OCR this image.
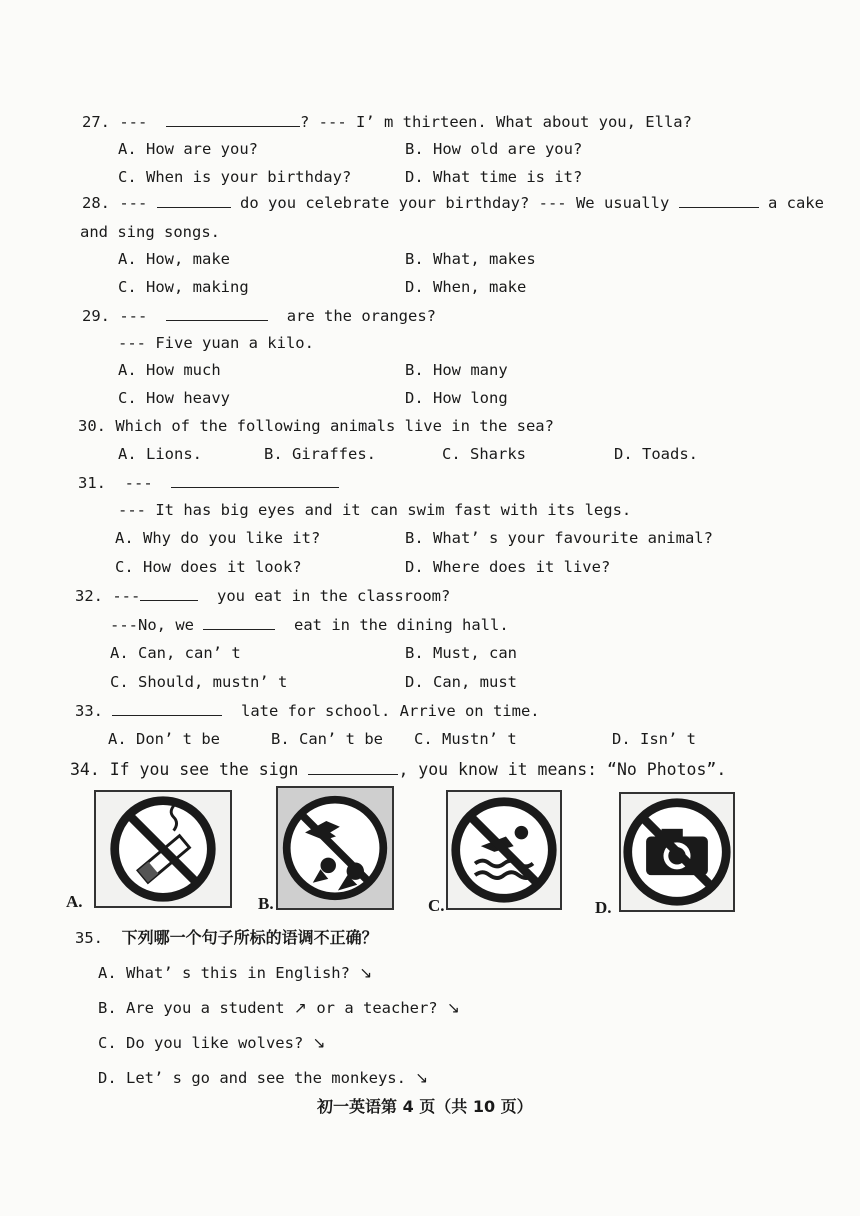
27. ---	? --- I’ m thirteen. What about you, Ella?
A. How are you?	B. How old are you?
C. When is your birthday?	D. What time is it?
28. ---	do you celebrate your birthday? --- We usually	a cake
and sing songs.
A. How, make	B. What, makes
C. How, making	D. When, make
29. ---	are the oranges?
--- Five yuan a kilo.
A. How much	B. How many
C. How heavy	D. How long
30. Which of the following animals live in the sea?
A. Lions.	B. Giraffes.	C. Sharks	D. Toads.
31. ---
--- It has big eyes and it can swim fast with its legs.
A. Why do you like it?	B. What’ s your favourite animal?
C. How does it look?	D. Where does it live?
32. ---	you eat in the classroom?
---No, we	eat in the dining hall.
A. Can, can’ t	B. Must, can
C. Should, mustn’ t	D. Can, must
33.	late for school. Arrive on time.
A. Don’ t be	B. Can’ t be C. Mustn’ t	D. Isn’ t
34. If you see the sign	, you know it means: “No Photos”.
A.	B.	C.	D.
35. 下列哪一个句子所标的语调不正确？
A. What’ s this in English? ↘
B. Are you a student ↗ or a teacher? ↘
C. Do you like wolves? ↘
D. Let’ s go and see the monkeys. ↘
初一英语第 4 页（共 10 页）
